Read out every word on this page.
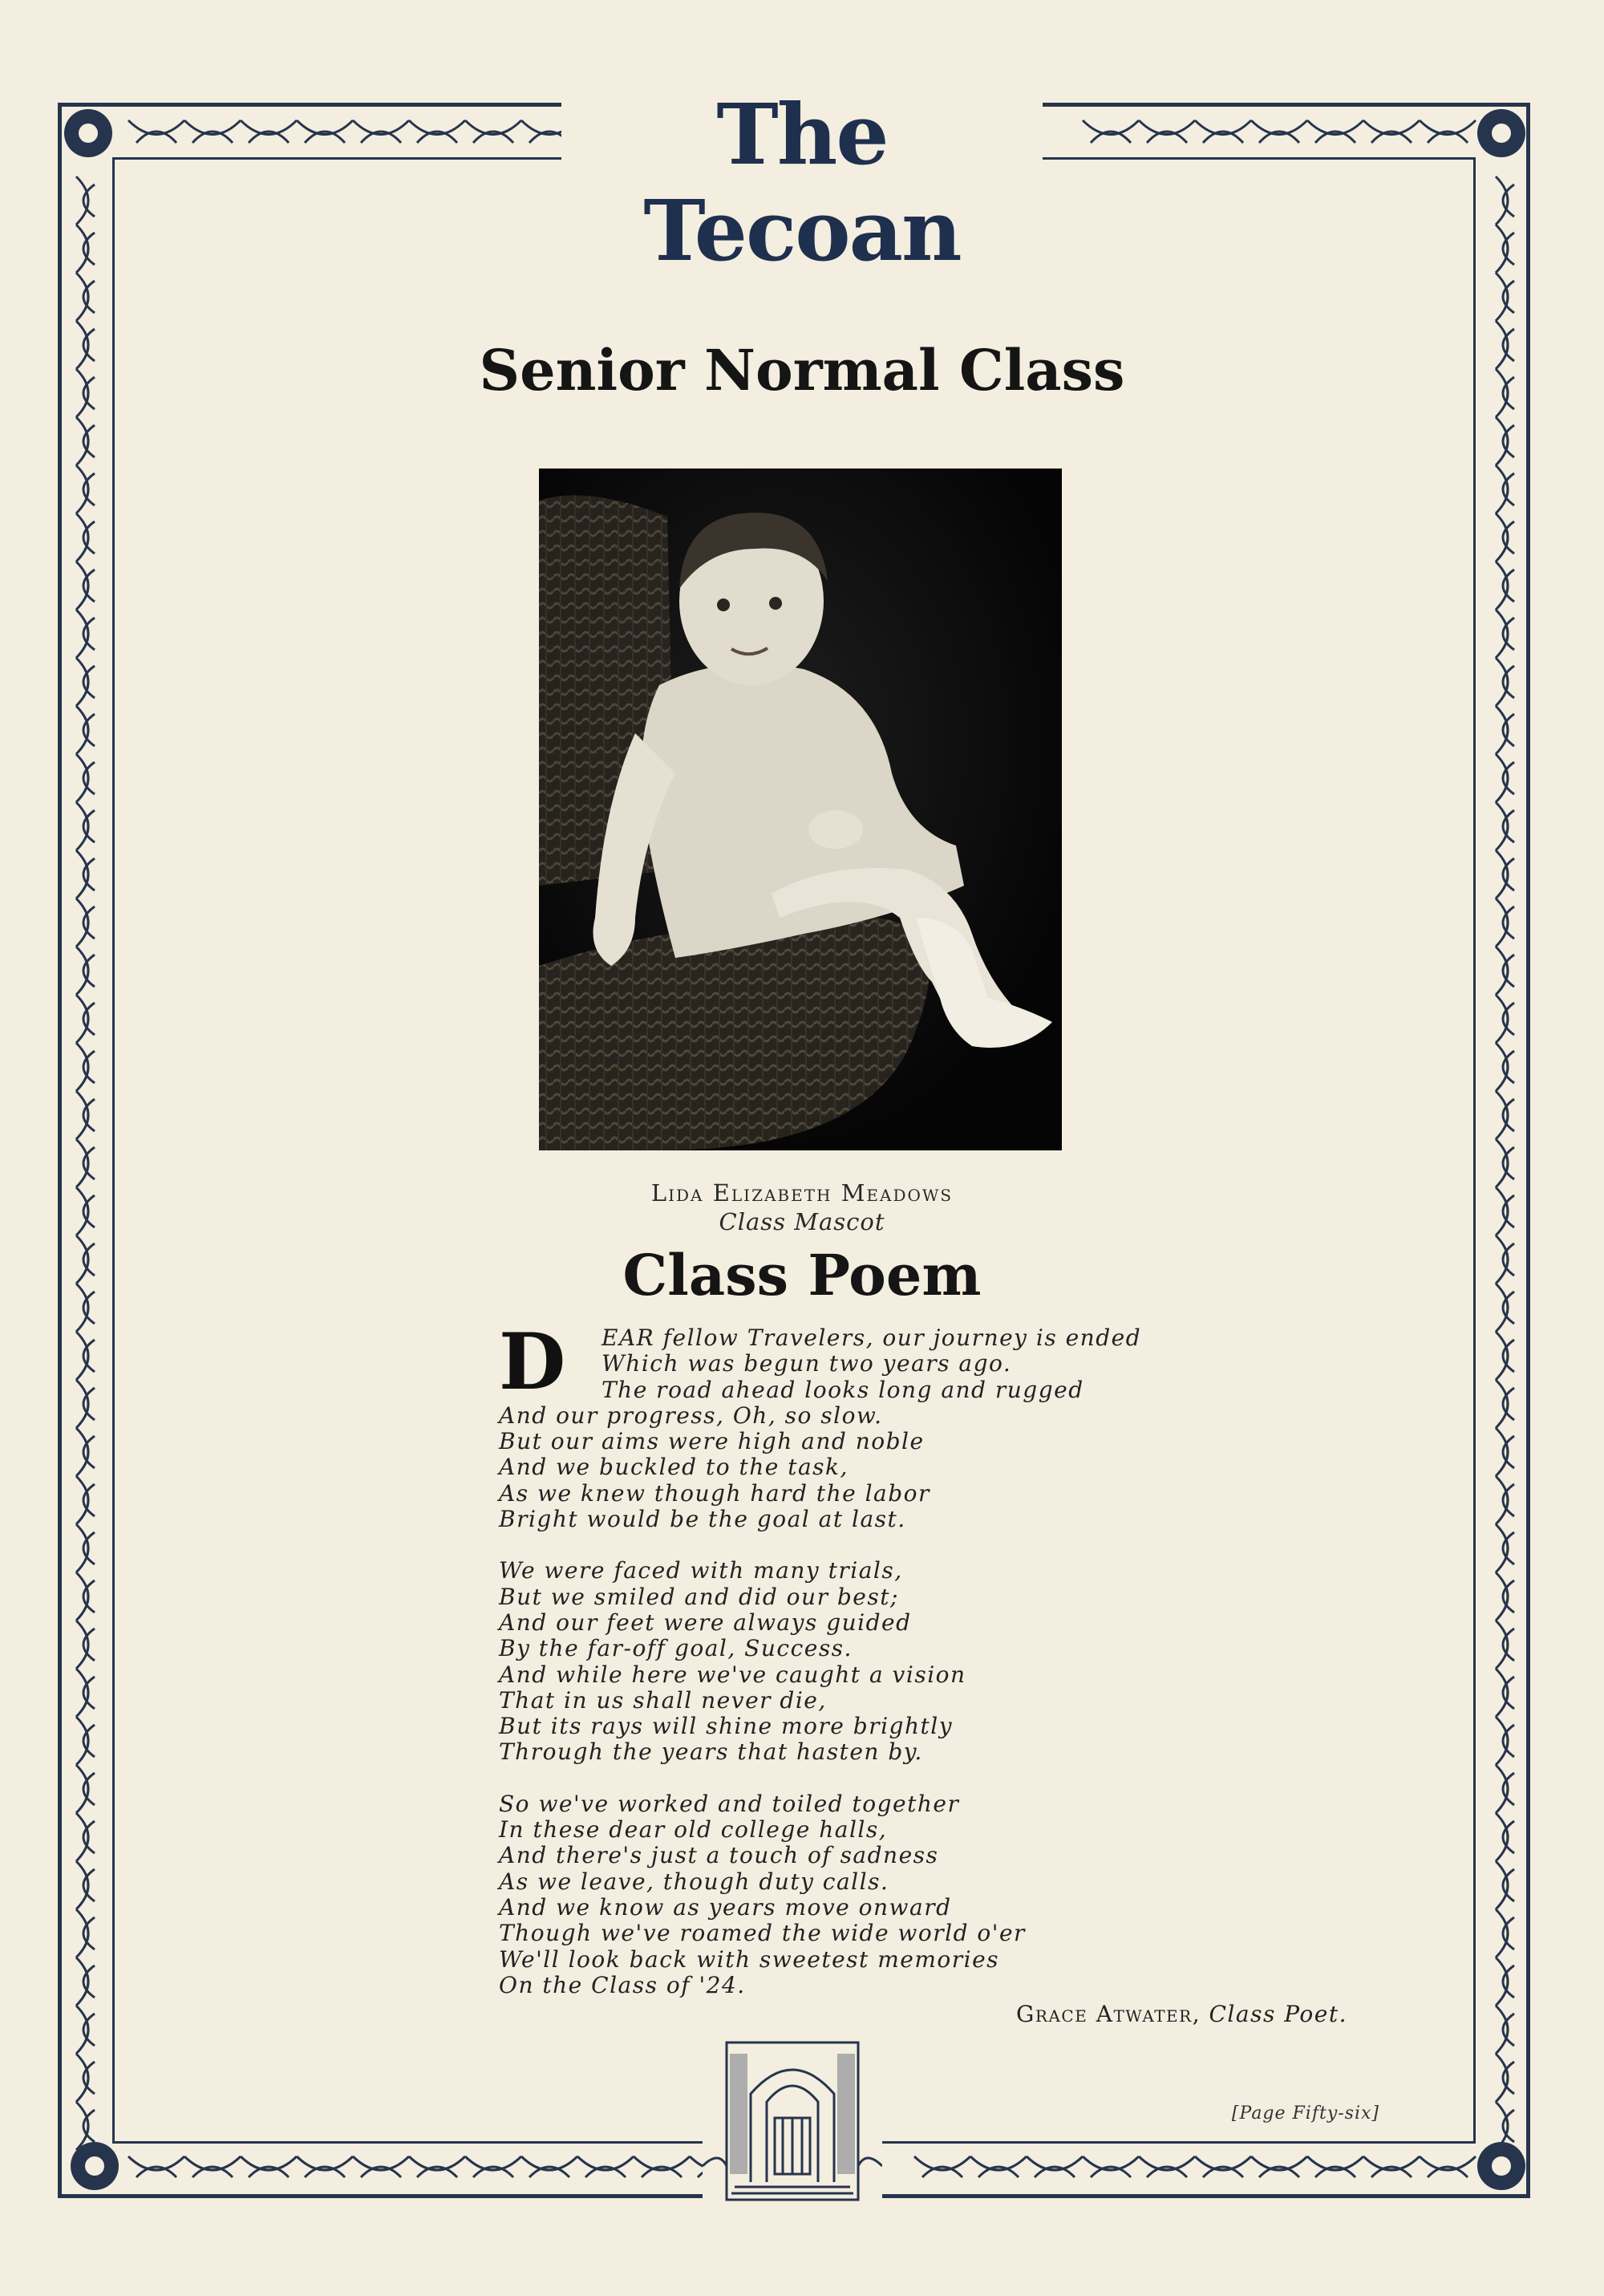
The Tecoan
Senior Normal Class
Lida Elizabeth Meadows
Class Mascot
Class Poem
D	EAR fellow Travelers, our journey is ended
Which was begun two years ago.
The road ahead looks long and rugged
And our progress, Oh, so slow.
But our aims were high and noble
And we buckled to the task,
As we knew though hard the labor
Bright would be the goal at last.
We were faced with many trials,
But we smiled and did our best;
And our feet were always guided
By the far-off goal, Success.
And while here we've caught a vision
That in us shall never die,
But its rays will shine more brightly
Through the years that hasten by.
So we've worked and toiled together
In these dear old college halls,
And there's just a touch of sadness
As we leave, though duty calls.
And we know as years move onward
Though we've roamed the wide world o'er
We'll look back with sweetest memories
On the Class of '24.
Grace Atwater, Class Poet.
[Page Fifty-six]
